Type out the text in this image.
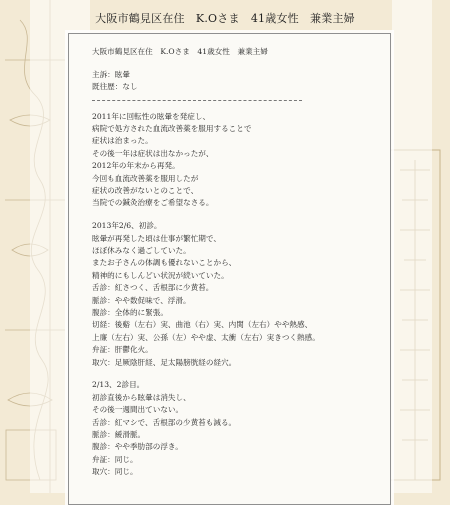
大阪市鶴見区在住　K.Oさま　41歳女性　兼業主婦
大阪市鶴見区在住　K.Oさま　41歳女性　兼業主婦
主訴：眩暈
既往歴：なし
2011年に回転性の眩暈を発症し、
病院で処方された血流改善薬を服用することで
症状は治まった。
その後一年は症状は出なかったが、
2012年の年末から再発。
今回も血流改善薬を服用したが
症状の改善がないとのことで、
当院での鍼灸治療をご希望なさる。
2013年2/6、初診。
眩暈が再発した頃は仕事が繁忙期で、
ほぼ休みなく過ごしていた。
またお子さんの体調も優れないことから、
精神的にもしんどい状況が続いていた。
舌診：紅さつく、舌根部に少黄苔。
脈診：やや数促味で、浮滑。
腹診：全体的に緊張。
切経：後谿（左右）実、曲池（右）実、内関（左右）やや熱感、
上廉（左右）実、公孫（左）やや虚、太衝（左右）実きつく熱感。
弁証：肝鬱化火。
取穴：足厥陰肝経、足太陽膀胱経の経穴。
2/13、2診目。
初診直後から眩暈は消失し、
その後一週間出ていない。
舌診：紅マシで、舌根部の少黄苔も減る。
脈診：緩滑脈。
腹診：やや季肋部の浮き。
弁証：同じ。
取穴：同じ。
